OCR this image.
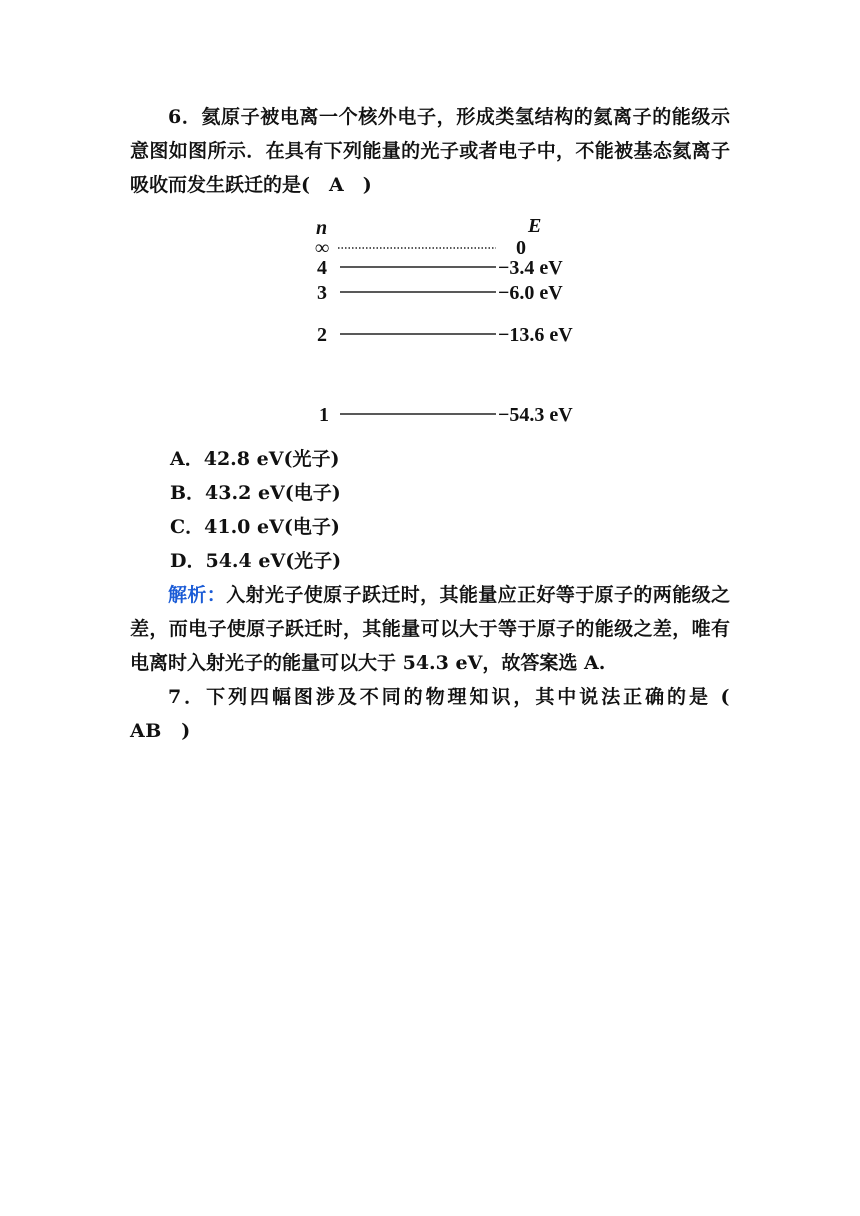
6．氦原子被电离一个核外电子，形成类氢结构的氦离子的能级示意图如图所示．在具有下列能量的光子或者电子中，不能被基态氦离子吸收而发生跃迁的是(　A　)
n	E
∞	0
4	−3.4 eV
3	−6.0 eV
2	−13.6 eV
1	−54.3 eV
A．42.8 eV(光子)
B．43.2 eV(电子)
C．41.0 eV(电子)
D．54.4 eV(光子)
解析：入射光子使原子跃迁时，其能量应正好等于原子的两能级之差，而电子使原子跃迁时，其能量可以大于等于原子的能级之差，唯有电离时入射光子的能量可以大于 54.3 eV，故答案选 A.
7．下列四幅图涉及不同的物理知识，其中说法正确的是 (　AB　)
